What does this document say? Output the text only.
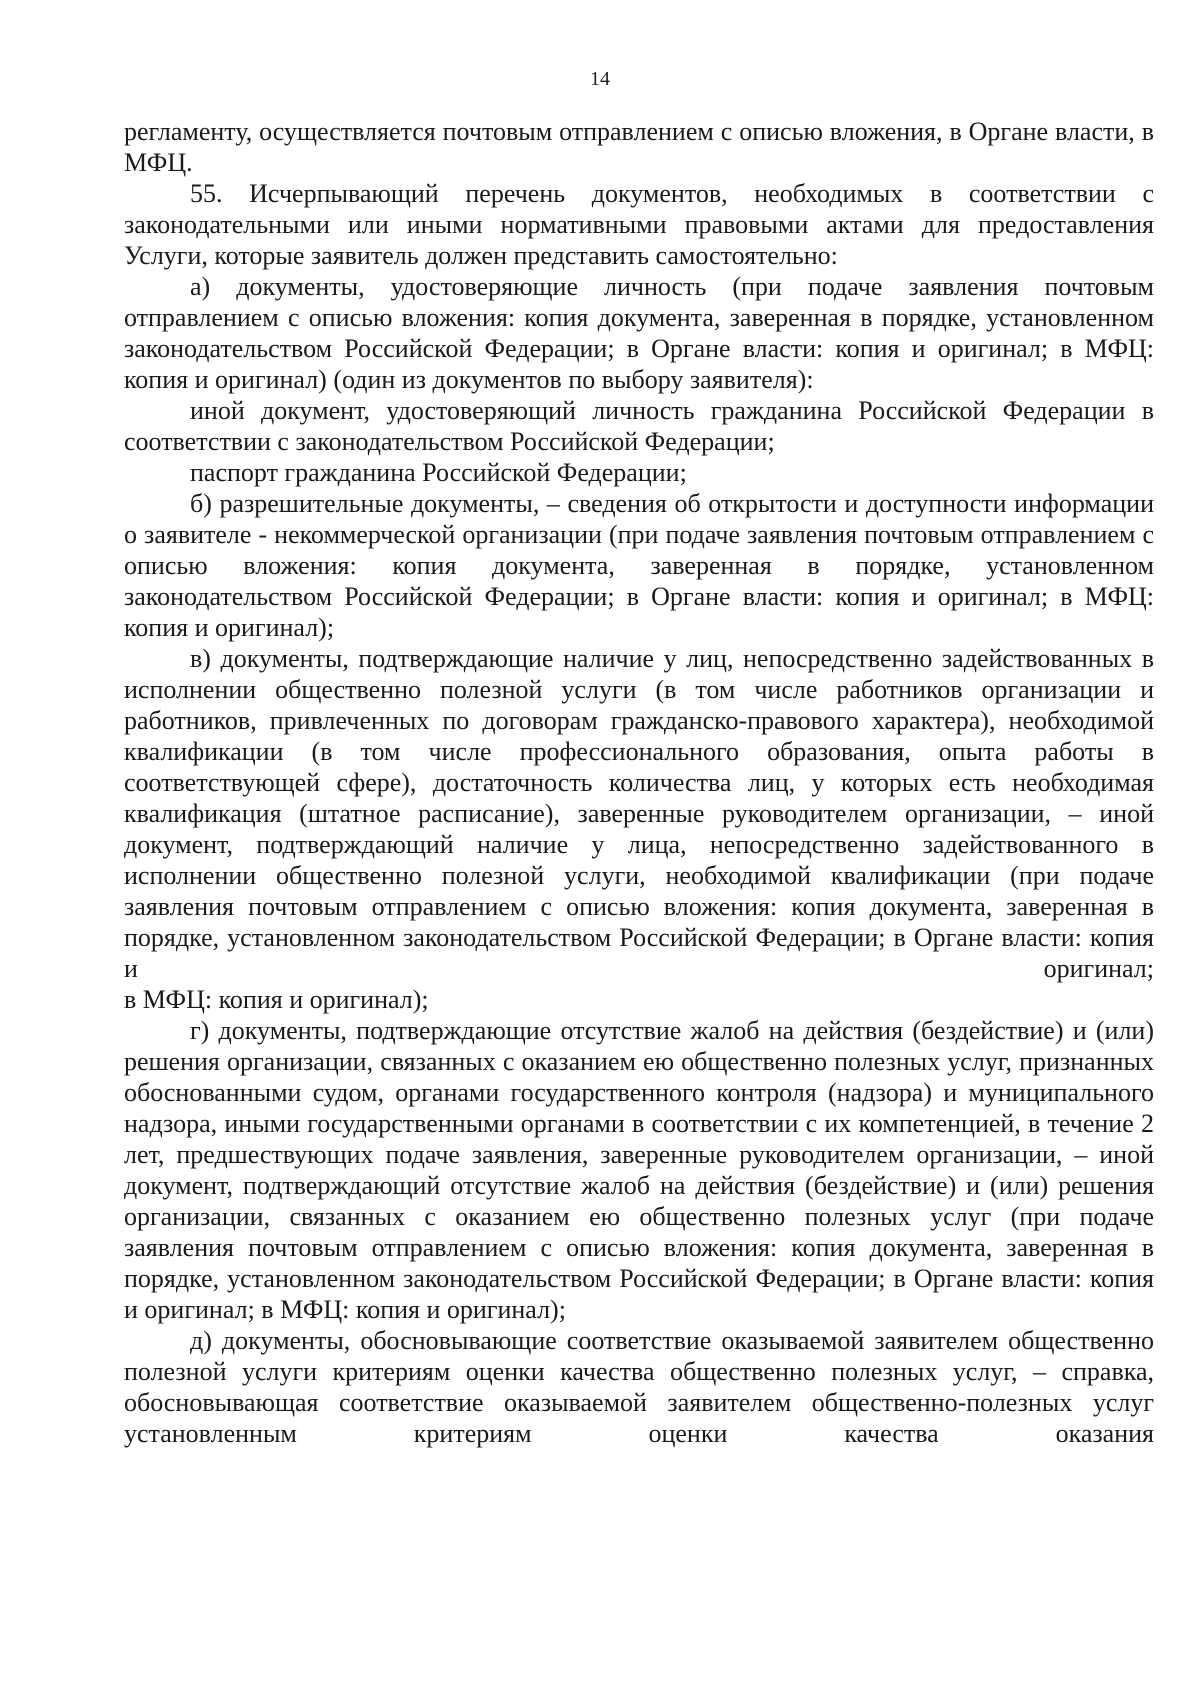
14

регламенту, осуществляется почтовым отправлением с описью вложения, в Органе власти, в МФЦ.

55. Исчерпывающий перечень документов, необходимых в соответствии с законодательными или иными нормативными правовыми актами для предоставления Услуги, которые заявитель должен представить самостоятельно:

а) документы, удостоверяющие личность (при подаче заявления почтовым отправлением с описью вложения: копия документа, заверенная в порядке, установленном законодательством Российской Федерации; в Органе власти: копия и оригинал; в МФЦ: копия и оригинал) (один из документов по выбору заявителя):

иной документ, удостоверяющий личность гражданина Российской Федерации в соответствии с законодательством Российской Федерации;

паспорт гражданина Российской Федерации;

б) разрешительные документы, – сведения об открытости и доступности информации о заявителе - некоммерческой организации (при подаче заявления почтовым отправлением с описью вложения: копия документа, заверенная в порядке, установленном законодательством Российской Федерации; в Органе власти: копия и оригинал; в МФЦ: копия и оригинал);

в) документы, подтверждающие наличие у лиц, непосредственно задействованных в исполнении общественно полезной услуги (в том числе работников организации и работников, привлеченных по договорам гражданско-правового характера), необходимой квалификации (в том числе профессионального образования, опыта работы в соответствующей сфере), достаточность количества лиц, у которых есть необходимая квалификация (штатное расписание), заверенные руководителем организации, – иной документ, подтверждающий наличие у лица, непосредственно задействованного в исполнении общественно полезной услуги, необходимой квалификации (при подаче заявления почтовым отправлением с описью вложения: копия документа, заверенная в порядке, установленном законодательством Российской Федерации; в Органе власти: копия и оригинал;

в МФЦ: копия и оригинал);

г) документы, подтверждающие отсутствие жалоб на действия (бездействие) и (или) решения организации, связанных с оказанием ею общественно полезных услуг, признанных обоснованными судом, органами государственного контроля (надзора) и муниципального надзора, иными государственными органами в соответствии с их компетенцией, в течение 2 лет, предшествующих подаче заявления, заверенные руководителем организации, – иной документ, подтверждающий отсутствие жалоб на действия (бездействие) и (или) решения организации, связанных с оказанием ею общественно полезных услуг (при подаче заявления почтовым отправлением с описью вложения: копия документа, заверенная в порядке, установленном законодательством Российской Федерации; в Органе власти: копия и оригинал; в МФЦ: копия и оригинал);

д) документы, обосновывающие соответствие оказываемой заявителем общественно полезной услуги критериям оценки качества общественно полезных услуг, – справка, обосновывающая соответствие оказываемой заявителем общественно-полезных услуг установленным критериям оценки качества оказания
